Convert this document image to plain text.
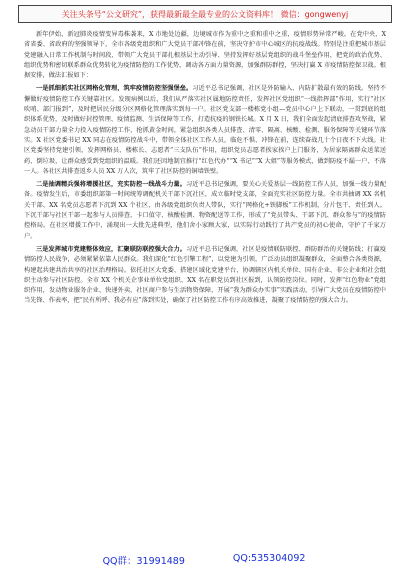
关注头条号“公文研究”，获得最新最全最专业的公文资料库！ 微信：gongwenyj

新年伊始，新冠肺炎疫情变异毒株袭来，X 市地处边疆，边境城市作为重中之重和重中之重，疫情形势异常严峻。在党中央、X 省省委、省政府的坚强领导下，全市各级党组织和广大党员干部冲锋在前，坚决守护市中心城区的抗疫战线。特别是注重把城市基层党建融入日常工作机制与时间段、带领广大党员干部扎根基层主动引导、坚持发挥好基层党组织的战斗堡垒作用，把党的政治优势、组织优势和密切联系群众优势转化为疫情防控的工作优势，调动各方面力量资源，加强群防群控，坚决打赢 X 市疫情防控保卫战。根据安排，做法汇报如下：

一是抓细抓实社区网格化管理，筑牢疫情防控坚强堡垒。习近平总书记强调，社区是外防输入、内防扩散最有效的防线。坚持不懈做好疫情防控工作关键靠社区。发现病例以后，我们从严落实社区属地防控责任，发挥社区党组织“一线指挥部”作用，实行“社区吹哨、部门报到”，及时把居民分级分区网格化管理落实到每一户。社区党支部一楼栋党小组—党员中心户上下联动，一贯到底的组织体系优势，及时做好封控管理、疫情监测、生活保障等工作，打造抗疫的钢铁长城。X 月 X 日，我们全面发起清底排查攻坚战，紧急动员干部力量全力投入疫情防控工作，抢抓黄金时间，紧急组织各类人员排查、清零、隔离、核酸、检测、服务保障等关键环节落实。X 社区党委书记 XX 同志在疫情防控战斗中，带领全体社区工作人员，临危不惧、冲锋在前，连续奋战几十个日夜不下火线。社区党委坚持党建引领，发挥网格员、楼栋长、志愿者“三支队伍”作用，组织党员志愿者挨家挨户上门服务，为居家隔离群众送菜送药、倒垃圾，让群众感受到党组织的温暖。我们还因地制宜推行“红色代办”“X 书记”“X 大姐”等服务模式，做到防疫不漏一户、不落一人。各社区共排查返乡人员 XX 万人次，筑牢了社区防控的铜墙铁壁。

二是抽调精兵强将增援社区，充实防控一线战斗力量。习近平总书记强调，要关心关爱基层一线防控工作人员，加强一线力量配备。疫情发生后，市委组织部第一时间统筹调配机关干部下沉社区，成立临时党支部，全面充实社区防控力量。全市共抽调 XX 名机关干部、XX 名党员志愿者下沉到 XX 个社区，由各级党组织负责人带队，实行“网格化+铁脚板”工作机制，分片包干、责任到人。下沉干部与社区干部一起参与人员排查、卡口值守、核酸检测、物资配送等工作，形成了“党员带头、干部下沉、群众参与”的疫情防控格局。在社区增援工作中，涌现出一大批先进典型，他们舍小家顾大家，以实际行动践行了共产党员的初心使命，守护了千家万户。

三是发挥城市党建整体效应，汇聚联防联控强大合力。习近平总书记强调，社区是疫情联防联控、群防群治的关键防线；打赢疫情防控人民战争，必须紧紧依靠人民群众。我们深化“红色引擎工程”，以党建为引领，广泛动员组织凝聚群众，全面整合各类资源，构建起共建共治共享的社区治理格局。依托社区大党委、搭建区域化党建平台，协调辖区内机关单位、国有企业、非公企业和社会组织主动参与社区防控。全市 XX 个机关企事业单位党组织、XX 名在职党员到社区报到，认领防控岗位。同时，发挥“红色物业”党组织作用，发动物业服务企业、快递外卖、社区商户参与生活物资保障，开展“我为群众办实事”实践活动，引导广大党员在疫情防控中当先锋、作表率，把“民有所呼、我必有应”落到实处，确保了社区防控工作有序高效推进，凝聚了疫情防控的强大合力。

QQ群：31991489	QQ:535304092
